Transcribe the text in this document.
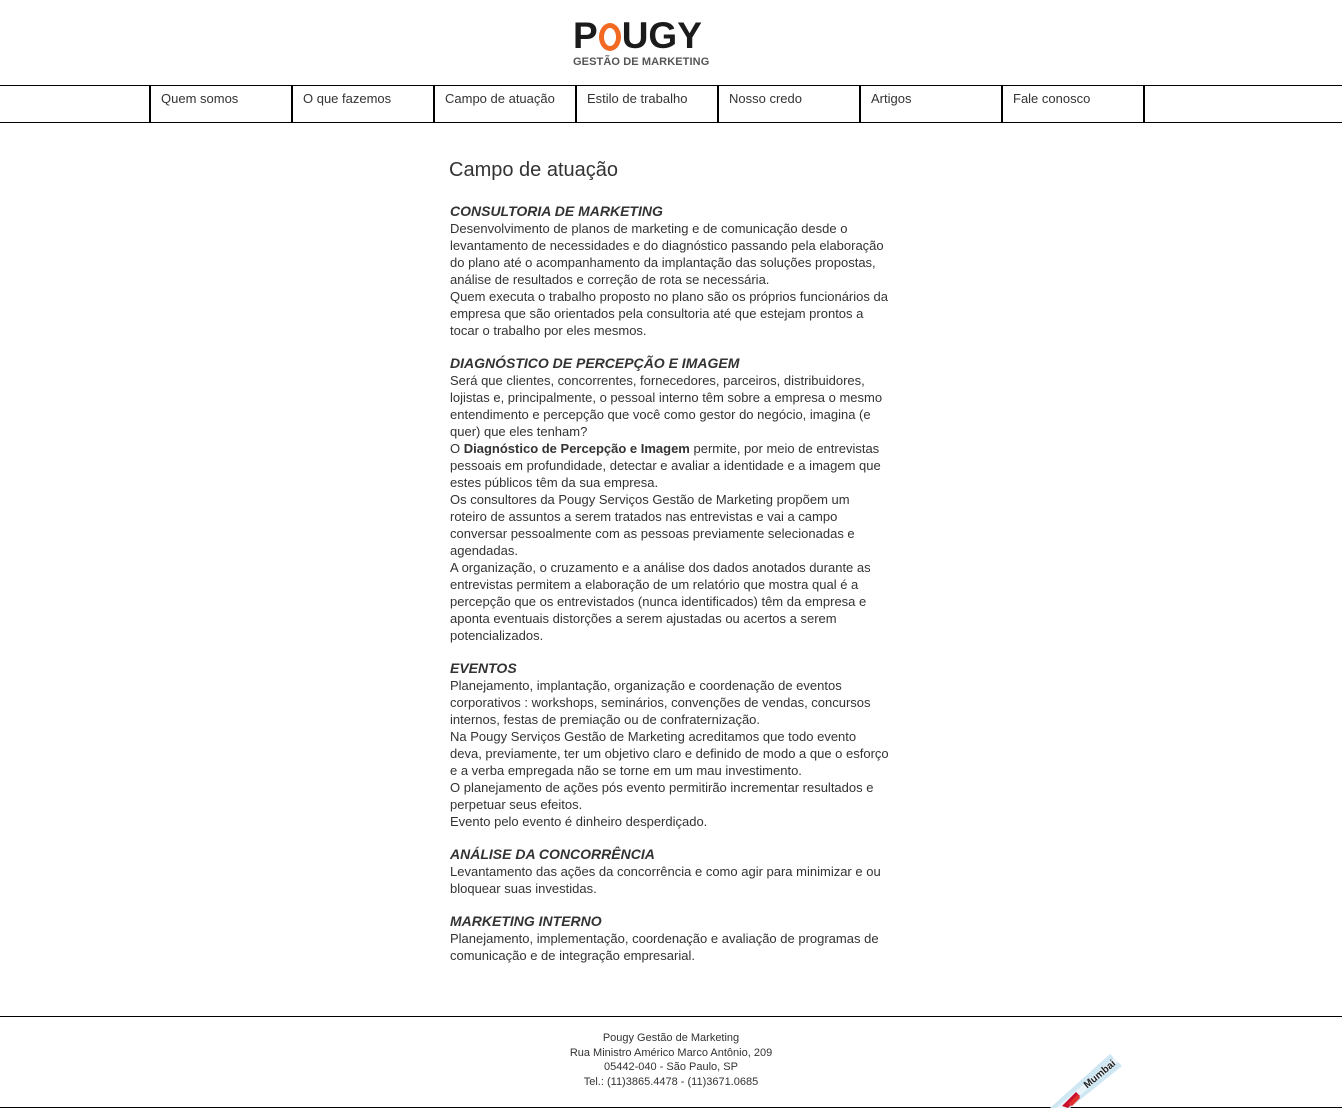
P UGY
GESTÃO DE MARKETING
Quem somos	O que fazemos	Campo de atuação	Estilo de trabalho	Nosso credo	Artigos	Fale conosco
Campo de atuação
CONSULTORIA DE MARKETING

Desenvolvimento de planos de marketing e de comunicação desde o levantamento de necessidades e do diagnóstico passando pela elaboração do plano até o acompanhamento da implantação das soluções propostas, análise de resultados e correção de rota se necessária.

Quem executa o trabalho proposto no plano são os próprios funcionários da empresa que são orientados pela consultoria até que estejam prontos a tocar o trabalho por eles mesmos.

DIAGNÓSTICO DE PERCEPÇÃO E IMAGEM

Será que clientes, concorrentes, fornecedores, parceiros, distribuidores, lojistas e, principalmente, o pessoal interno têm sobre a empresa o mesmo entendimento e percepção que você como gestor do negócio, imagina (e quer) que eles tenham?

O Diagnóstico de Percepção e Imagem permite, por meio de entrevistas pessoais em profundidade, detectar e avaliar a identidade e a imagem que estes públicos têm da sua empresa.

Os consultores da Pougy Serviços Gestão de Marketing propõem um roteiro de assuntos a serem tratados nas entrevistas e vai a campo conversar pessoalmente com as pessoas previamente selecionadas e agendadas.

A organização, o cruzamento e a análise dos dados anotados durante as entrevistas permitem a elaboração de um relatório que mostra qual é a percepção que os entrevistados (nunca identificados) têm da empresa e aponta eventuais distorções a serem ajustadas ou acertos a serem potencializados.

EVENTOS

Planejamento, implantação, organização e coordenação de eventos corporativos : workshops, seminários, convenções de vendas, concursos internos, festas de premiação ou de confraternização.

Na Pougy Serviços Gestão de Marketing acreditamos que todo evento deva, previamente, ter um objetivo claro e definido de modo a que o esforço e a verba empregada não se torne em um mau investimento.

O planejamento de ações pós evento permitirão incrementar resultados e perpetuar seus efeitos.

Evento pelo evento é dinheiro desperdiçado.

ANÁLISE DA CONCORRÊNCIA

Levantamento das ações da concorrência e como agir para minimizar e ou bloquear suas investidas.

MARKETING INTERNO

Planejamento, implementação, coordenação e avaliação de programas de comunicação e de integração empresarial.

Pougy Gestão de Marketing
Rua Ministro Américo Marco Antônio, 209
05442-040 - São Paulo, SP
Tel.: (11)3865.4478 - (11)3671.0685	Mumbai
